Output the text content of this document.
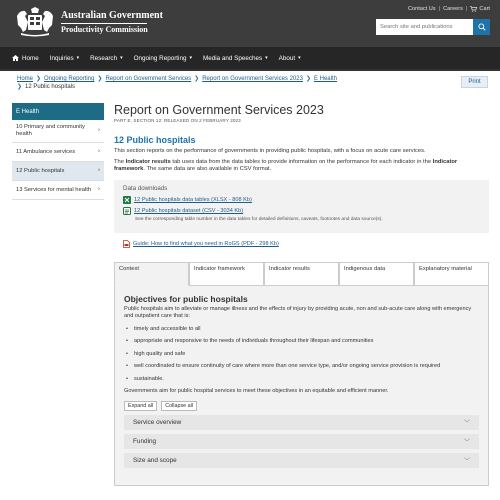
Australian Government
Productivity Commission
Contact Us | Careers | Cart
Search site and publications
Home Inquiries ▾ Research ▾ Ongoing Reporting ▾ Media and Speeches ▾ About ▾
Home ❯ Ongoing Reporting ❯ Report on Government Services ❯ Report on Government Services 2023 ❯ E Health
❯ 12 Public hospitals
Print
E Health
10 Primary and community health
›
11 Ambulance services	›
12 Public hospitals	›
13 Services for mental health ›
Report on Government Services 2023
PART E, SECTION 12: RELEASED ON 2 FEBRUARY 2023
12 Public hospitals

This section reports on the performance of governments in providing public hospitals, with a focus on acute care services.

The Indicator results tab uses data from the data tables to provide information on the performance for each indicator in the Indicator framework. The same data are also available in CSV format.

Data downloads
12 Public hospitals data tables (XLSX - 808 Kb)
12 Public hospitals dataset (CSV - 3034 Kb)
See the corresponding table number in the data tables for detailed definitions, caveats, footnotes and data source(s).
Guide: How to find what you need in RoGS (PDF - 298 Kb)
Context	Indicator framework	Indicator results	Indigenous data	Explanatory material
Objectives for public hospitals

Public hospitals aim to alleviate or manage illness and the effects of injury by providing acute, non and sub-acute care along with emergency and outpatient care that is:

• timely and accessible to all
• appropriate and responsive to the needs of individuals throughout their lifespan and communities
• high quality and safe
• well coordinated to ensure continuity of care where more than one service type, and/or ongoing service provision is required
• sustainable.

Governments aim for public hospital services to meet these objectives in an equitable and efficient manner.

Expand all	Collapse all
Service overview	﹀
Funding	﹀
Size and scope	﹀
